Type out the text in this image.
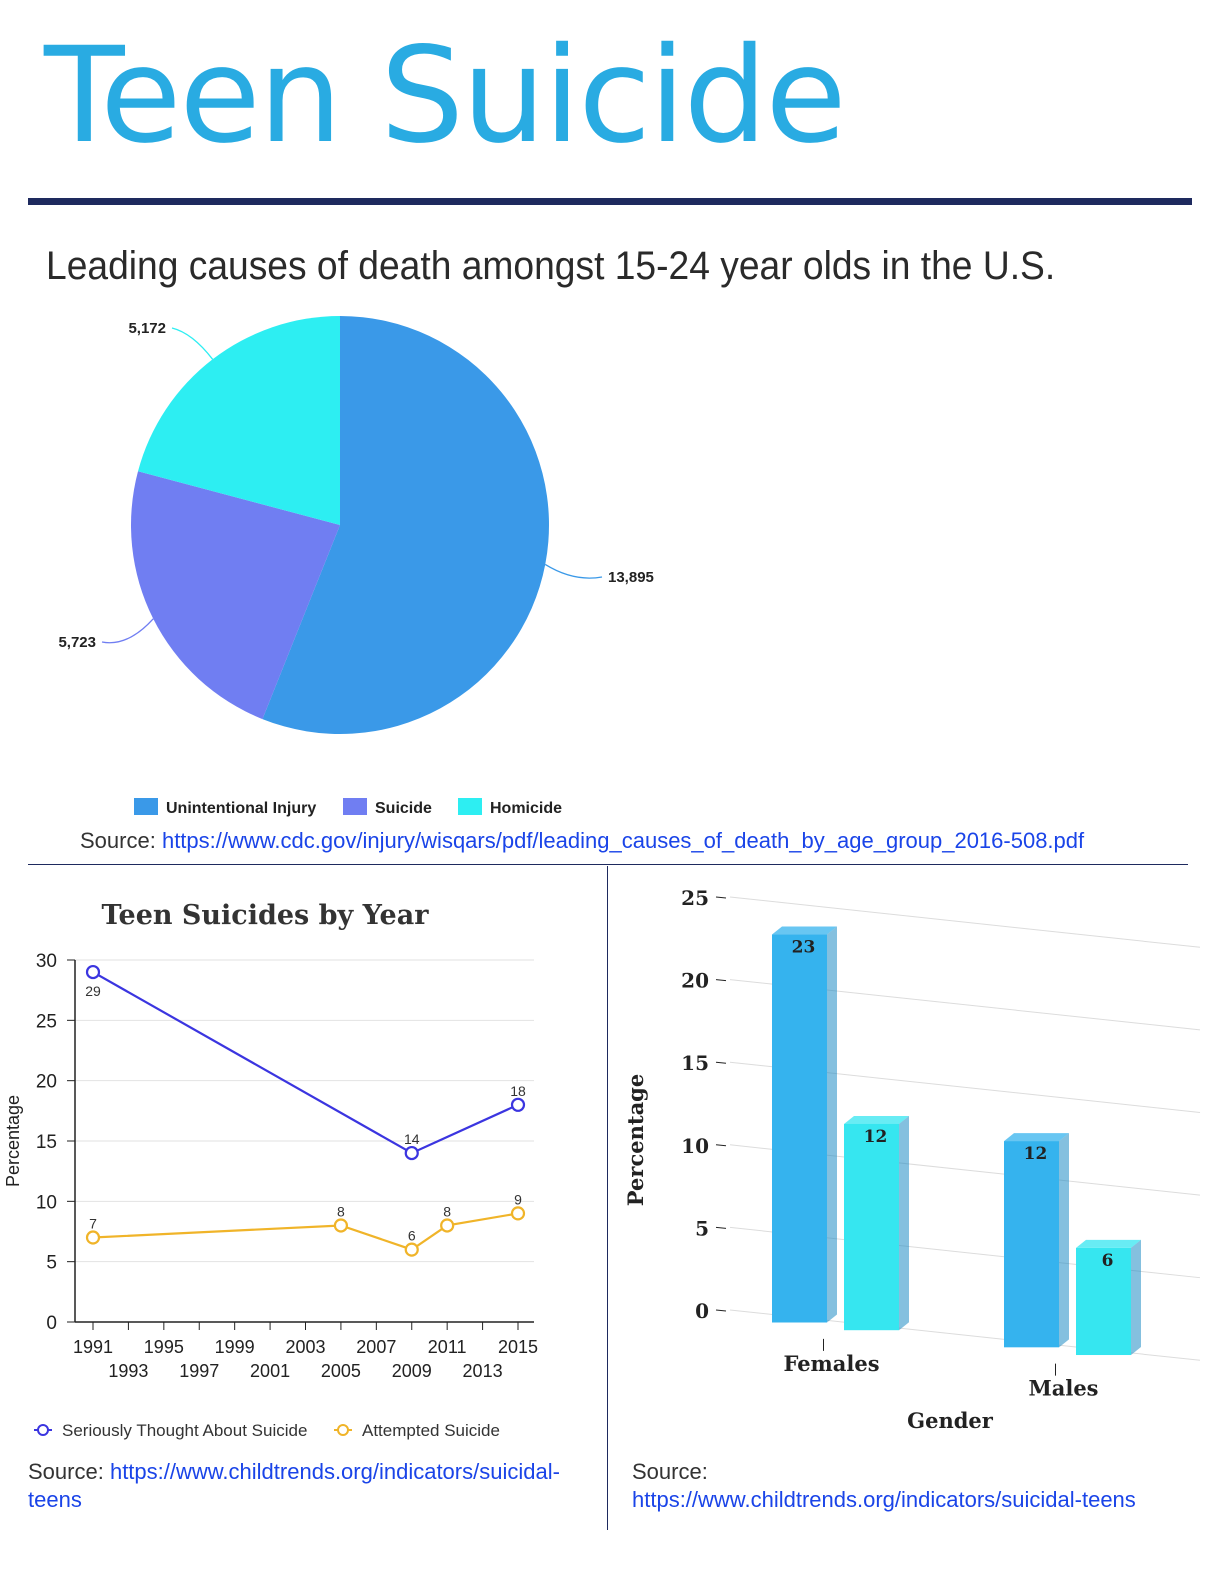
Teen Suicide
Leading causes of death amongst 15-24 year olds in the U.S.
13,895
5,723
5,172
Unintentional Injury	Suicide	Homicide
Source: https://www.cdc.gov/injury/wisqars/pdf/leading_causes_of_death_by_age_group_2016-508.pdf
Teen Suicides by Year
0
5
10
15
20
25
30
1991
1993
1995
1997
1999
2001
2003
2005
2007
2009
2011
2013
2015
Percentage
29
14
18
7
8
6
8
9
Seriously Thought About Suicide	Attempted Suicide
Source: https://www.childtrends.org/indicators/suicidal-teens
0
5
10
15
20
25
Percentage
23
12
Females
12
6
Males
Gender
Source:
https://www.childtrends.org/indicators/suicidal-teens
